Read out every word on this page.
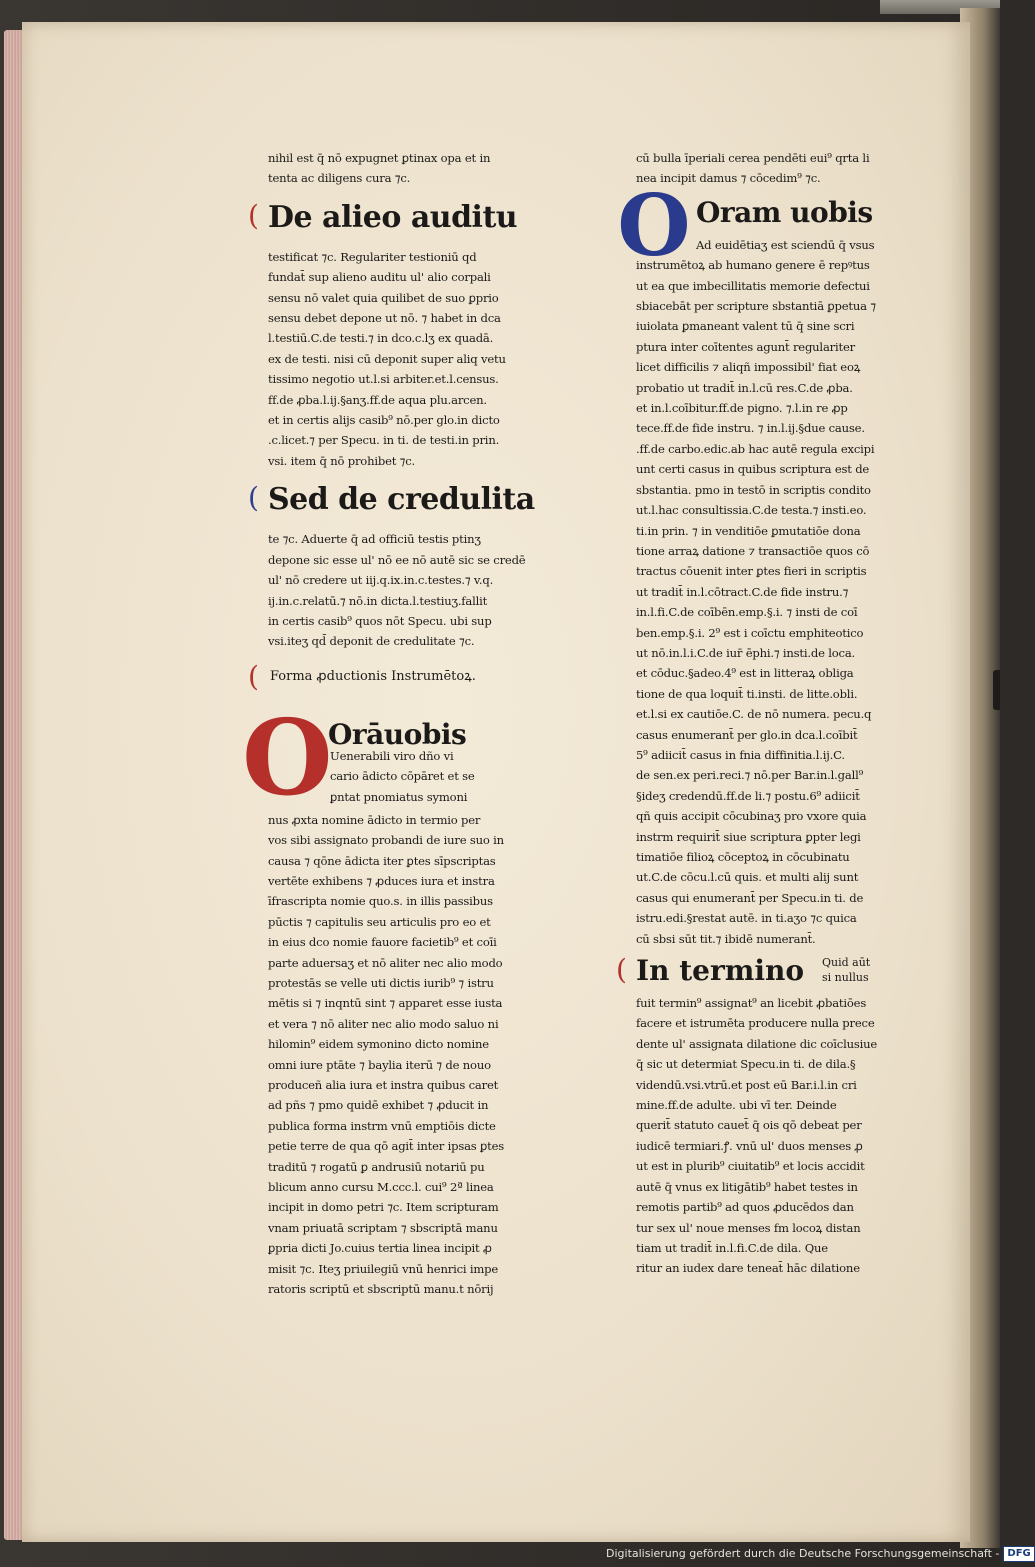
nihil est q̄ nō expugnet ꝑtinax opa et in
tenta ac diligens cura ⁊c.
( De alieo auditu
testificat ⁊c. Regulariter testioniū qd
fundat̄ sup alieno auditu ul' alio corpali
sensu nō valet quia quilibet de suo ꝑprio
sensu debet depone ut nō. ⁊ habet in dca
l.testiū.C.de testi.⁊ in dco.c.lʒ ex quadā.
ex de testi. nisi cū deponit super aliq vetu
tissimo negotio ut.l.si arbiter.et.l.census.
ff.de ꝓba.l.ij.§anʒ.ff.de aqua plu.arcen.
et in certis alijs casib⁹ nō.per glo.in dicto
.c.licet.⁊ per Specu. in ti. de testi.in prin.
vsi. item q̄ nō prohibet ⁊c.
( Sed de credulita
te ⁊c. Aduerte q̄ ad officiū testis ptinʒ
depone sic esse ul' nō ee nō autē sic se credē
ul' nō credere ut iij.q.ix.in.c.testes.⁊ v.q.
ij.in.c.relatū.⁊ nō.in dicta.l.testiuʒ.fallit
in certis casib⁹ quos nōt Specu. ubi sup
vsi.iteʒ qd̄ deponit de credulitate ⁊c.
( Forma ꝓductionis Instrumētoꝝ.
O
Orāuobis
Uenerabili viro dño vi
cario ādicto cōpāret et se
ꝑntat pnomiatus symoni
nus ꝓxta nomine ādicto in termio per
vos sibi assignato probandi de iure suo in
causa ⁊ qōne ādicta iter ꝑtes sīpscriptas
vertēte exhibens ⁊ ꝓduces iura et instra
īfrascripta nomie quo.s. in illis passibus
pūctis ⁊ capitulis seu articulis pro eo et
in eius dco nomie fauore facietib⁹ et coīi
parte aduersaʒ et nō aliter nec alio modo
protestās se velle uti dictis iurib⁹ ⁊ istru
mētis si ⁊ inqntū sint ⁊ apparet esse iusta
et vera ⁊ nō aliter nec alio modo saluo ni
hilomin⁹ eidem symonino dicto nomine
omni iure ptāte ⁊ baylia iterū ⁊ de nouo
produceñ alia iura et instra quibus caret
ad pñs ⁊ pmo quidē exhibet ⁊ ꝓducit in
publica forma instrm vnū emptiōis dicte
petie terre de qua qō agit̄ inter ipsas ꝑtes
traditū ⁊ rogatū ꝑ andrusiū notariū pu
blicum anno cursu M.ccc.l. cui⁹ 2ª linea
incipit in domo petri ⁊c. Item scripturam
vnam priuatā scriptam ⁊ sbscriptā manu
ꝑpria dicti Jo.cuius tertia linea incipit ꝓ
misit ⁊c. Iteʒ priuilegiū vnū henrici impe
ratoris scriptū et sbscriptū manu.t nōrij
cū bulla īperiali cerea pendēti eui⁹ qrta li
nea incipit damus ⁊ cōcedim⁹ ⁊c.
O Oram uobis
Ad euidētiaʒ est sciendū q̄ vsus
instrumētoꝝ ab humano genere ē repꝰtus
ut ea que imbecillitatis memorie defectui
sbiacebāt per scripture sbstantiā ꝑpetua ⁊
iuiolata ꝑmaneant valent tū q̄ sine scri
ptura inter coītentes agunt̄ regulariter
licet difficilis ⁊ aliqñ impossibil' fiat eoꝝ
probatio ut tradit̄ in.l.cū res.C.de ꝓba.
et in.l.coībitur.ff.de pigno. ⁊.l.in re ꝓp
tece.ff.de fide instru. ⁊ in.l.ij.§due cause.
.ff.de carbo.edic.ab hac autē regula excipi
unt certi casus in quibus scriptura est de
sbstantia. pmo in testō in scriptis condito
ut.l.hac consultissia.C.de testa.⁊ insti.eo.
ti.in prin. ⁊ in venditiōe ꝑmutatiōe dona
tione arraꝝ datione ⁊ transactiōe quos cō
tractus cōuenit inter ꝑtes fieri in scriptis
ut tradit̄ in.l.cōtract.C.de fide instru.⁊
in.l.fi.C.de coībēn.emp.§.i. ⁊ insti de coī
ben.emp.§.i. 2⁹ est i coīctu emphiteotico
ut nō.in.l.i.C.de iur̄ ēphi.⁊ insti.de loca.
et cōduc.§adeo.4⁹ est in litteraꝝ obliga
tione de qua loquit̄ ti.insti. de litte.obli.
et.l.si ex cautiōe.C. de nō numera. pecu.q
casus enumerant̄ per glo.in dca.l.coībit̄
5⁹ adiicit̄ casus in fnia diffinitia.l.ij.C.
de sen.ex peri.reci.⁊ nō.per Bar.in.l.gall⁹
§ideʒ credendū.ff.de li.⁊ postu.6⁹ adiicit̄
qñ quis accipit cōcubinaʒ pro vxore quia
instrm requirit̄ siue scriptura ꝑpter legi
timatiōe filioꝝ cōceptoꝝ in cōcubinatu
ut.C.de cōcu.l.cū quis. et multi alij sunt
casus qui enumerant̄ per Specu.in ti. de
istru.edi.§restat autē. in ti.aʒo ⁊c quica
cū sbsi sūt tit.⁊ ibidē numerant̄.
( In termino Quid aūt
si nullus
fuit termin⁹ assignat⁹ an licebit ꝓbatiōes
facere et istrumēta producere nulla prece
dente ul' assignata dilatione dic coīclusiue
q̄ sic ut determiat Specu.in ti. de dila.§
videndū.vsi.vtrū.et post eū Bar.i.l.in cri
mine.ff.de adulte. ubi vī ter. Deinde
querit̄ statuto cauet̄ q̄ ois qō debeat per
iudicē termiari.ꝭ. vnū ul' duos menses ꝓ
ut est in plurib⁹ ciuitatib⁹ et locis accidit
autē q̄ vnus ex litigātib⁹ habet testes in
remotis partib⁹ ad quos ꝓducēdos dan
tur sex ul' noue menses fm locoꝝ distan
tiam ut tradit̄ in.l.fi.C.de dila. Que
ritur an iudex dare teneat̄ hāc dilatione
Digitalisierung gefördert durch die Deutsche Forschungsgemeinschaft - DFG
